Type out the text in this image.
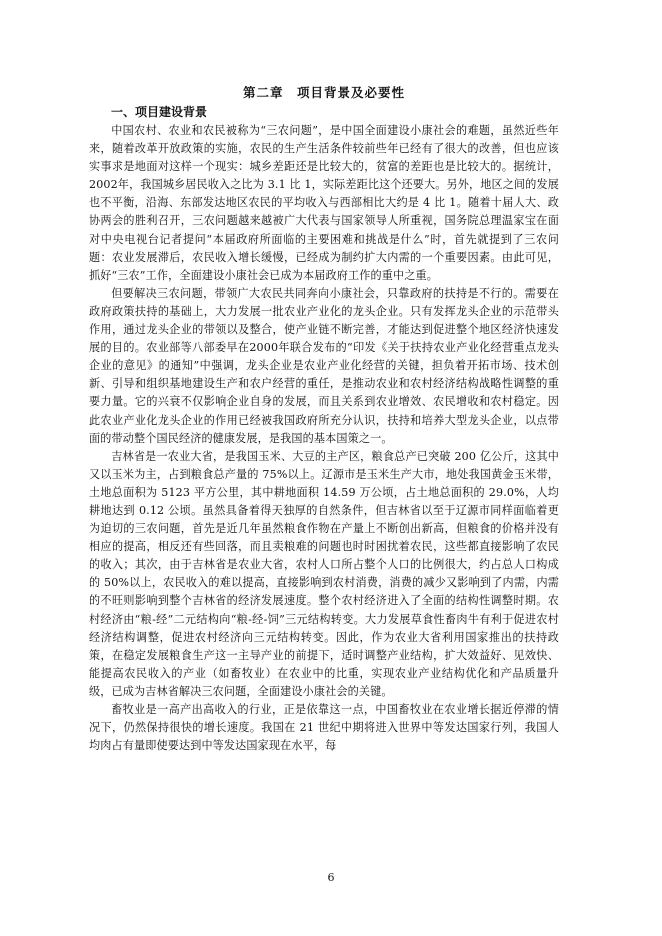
第二章　项目背景及必要性
一、项目建设背景

中国农村、农业和农民被称为“三农问题”，是中国全面建设小康社会的难题，虽然近些年来，随着改革开放政策的实施，农民的生产生活条件较前些年已经有了很大的改善，但也应该实事求是地面对这样一个现实：城乡差距还是比较大的，贫富的差距也是比较大的。据统计，2002年，我国城乡居民收入之比为 3.1 比 1，实际差距比这个还要大。另外，地区之间的发展也不平衡，沿海、东部发达地区农民的平均收入与西部相比大约是 4 比 1。随着十届人大、政协两会的胜利召开，三农问题越来越被广大代表与国家领导人所重视，国务院总理温家宝在面对中央电视台记者提问“本届政府所面临的主要困难和挑战是什么”时，首先就提到了三农问题：农业发展滞后，农民收入增长缓慢，已经成为制约扩大内需的一个重要因素。由此可见，抓好“三农”工作，全面建设小康社会已成为本届政府工作的重中之重。

但要解决三农问题，带领广大农民共同奔向小康社会，只靠政府的扶持是不行的。需要在政府政策扶持的基础上，大力发展一批农业产业化的龙头企业。只有发挥龙头企业的示范带头作用，通过龙头企业的带领以及整合，使产业链不断完善，才能达到促进整个地区经济快速发展的目的。农业部等八部委早在2000年联合发布的“印发《关于扶持农业产业化经营重点龙头企业的意见》的通知”中强调，龙头企业是农业产业化经营的关键，担负着开拓市场、技术创新、引导和组织基地建设生产和农户经营的重任，是推动农业和农村经济结构战略性调整的重要力量。它的兴衰不仅影响企业自身的发展，而且关系到农业增效、农民增收和农村稳定。因此农业产业化龙头企业的作用已经被我国政府所充分认识，扶持和培养大型龙头企业，以点带面的带动整个国民经济的健康发展，是我国的基本国策之一。

吉林省是一农业大省，是我国玉米、大豆的主产区，粮食总产已突破 200 亿公斤，这其中又以玉米为主，占到粮食总产量的 75%以上。辽源市是玉米生产大市，地处我国黄金玉米带，土地总面积为 5123 平方公里，其中耕地面积 14.59 万公顷，占土地总面积的 29.0%，人均耕地达到 0.12 公顷。虽然具备着得天独厚的自然条件，但吉林省以至于辽源市同样面临着更为迫切的三农问题，首先是近几年虽然粮食作物在产量上不断创出新高，但粮食的价格并没有相应的提高，相反还有些回落，而且卖粮难的问题也时时困扰着农民，这些都直接影响了农民的收入；其次，由于吉林省是农业大省，农村人口所占整个人口的比例很大，约占总人口构成的 50%以上，农民收入的难以提高，直接影响到农村消费，消费的减少又影响到了内需，内需的不旺则影响到整个吉林省的经济发展速度。整个农村经济进入了全面的结构性调整时期。农村经济由“粮-经”二元结构向“粮-经-饲”三元结构转变。大力发展草食性畜肉牛有利于促进农村经济结构调整，促进农村经济向三元结构转变。因此，作为农业大省利用国家推出的扶持政策，在稳定发展粮食生产这一主导产业的前提下，适时调整产业结构，扩大效益好、见效快、能提高农民收入的产业（如畜牧业）在农业中的比重，实现农业产业结构优化和产品质量升级，已成为吉林省解决三农问题，全面建设小康社会的关键。

畜牧业是一高产出高收入的行业，正是依靠这一点，中国畜牧业在农业增长据近停滞的情况下，仍然保持很快的增长速度。我国在 21 世纪中期将进入世界中等发达国家行列，我国人均肉占有量即使要达到中等发达国家现在水平，每

6
